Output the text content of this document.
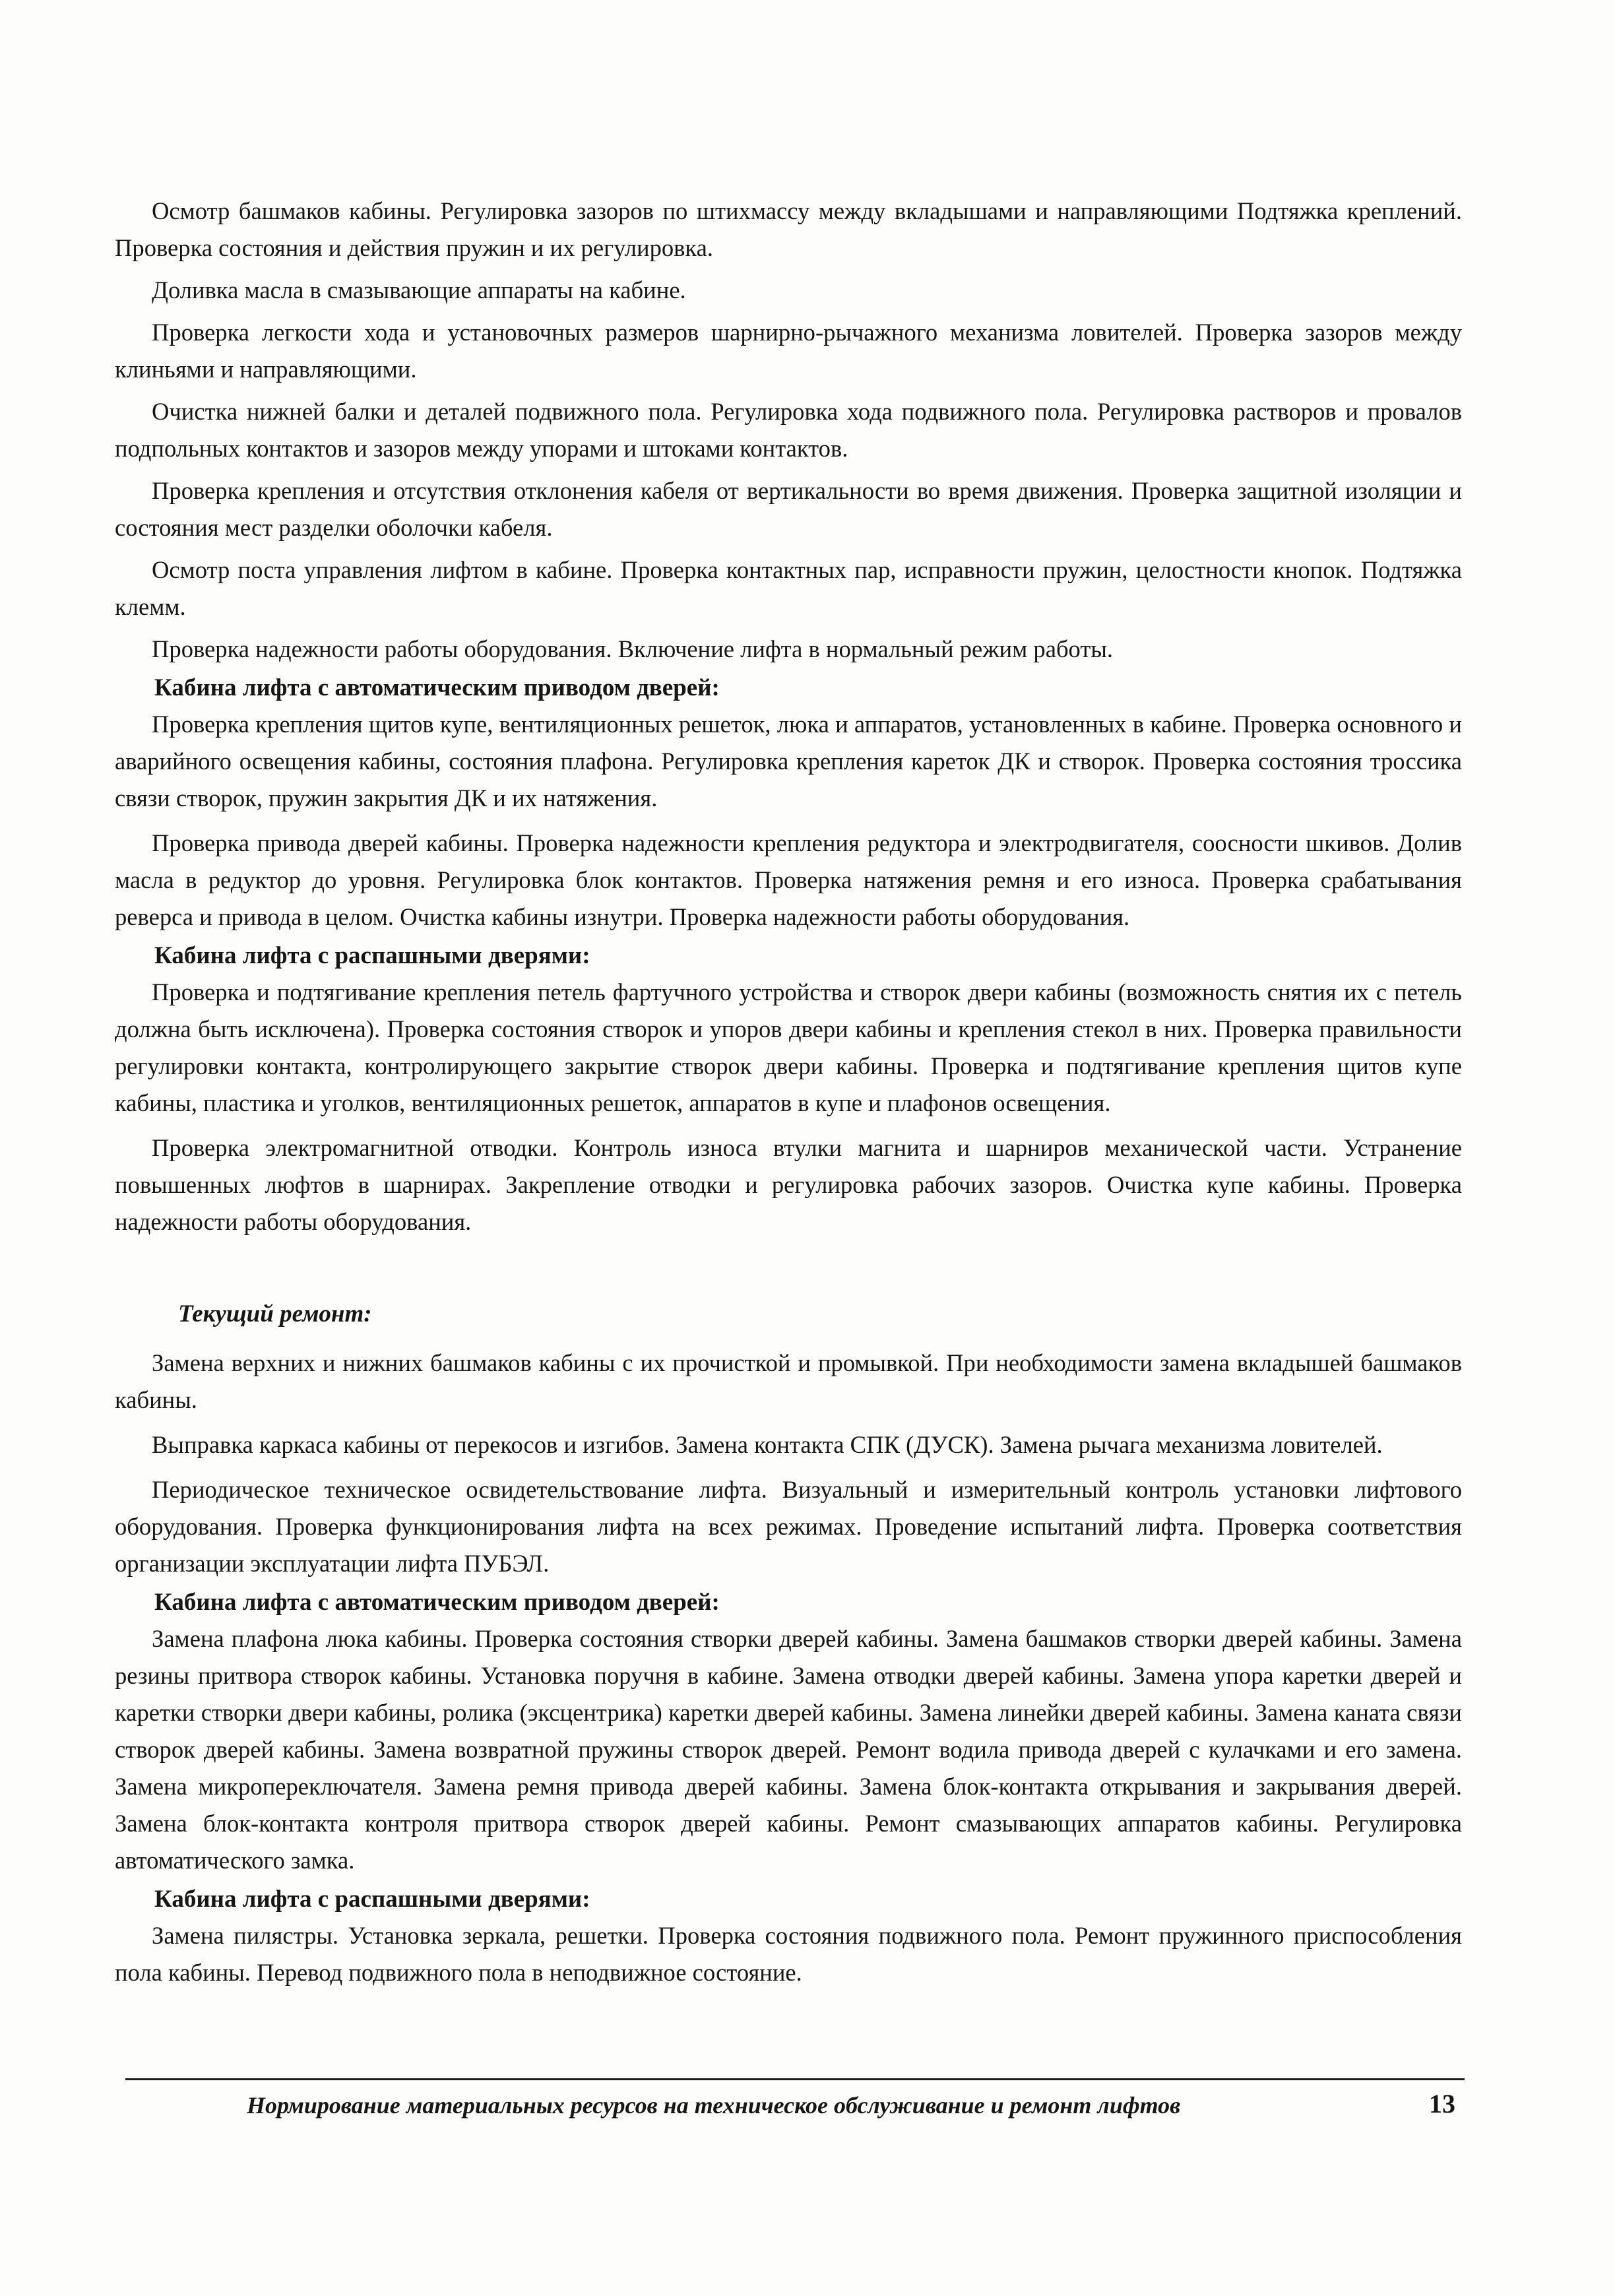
Осмотр башмаков кабины. Регулировка зазоров по штихмассу между вкладышами и направляющими Подтяжка креплений. Проверка состояния и действия пружин и их регулировка.

Доливка масла в смазывающие аппараты на кабине.

Проверка легкости хода и установочных размеров шарнирно-рычажного механизма ловителей. Проверка зазоров между клиньями и направляющими.

Очистка нижней балки и деталей подвижного пола. Регулировка хода подвижного пола. Регулировка растворов и провалов подпольных контактов и зазоров между упорами и штоками контактов.

Проверка крепления и отсутствия отклонения кабеля от вертикальности во время движения. Проверка защитной изоляции и состояния мест разделки оболочки кабеля.

Осмотр поста управления лифтом в кабине. Проверка контактных пар, исправности пружин, целостности кнопок. Подтяжка клемм.

Проверка надежности работы оборудования. Включение лифта в нормальный режим работы.

Кабина лифта с автоматическим приводом дверей:

Проверка крепления щитов купе, вентиляционных решеток, люка и аппаратов, установленных в кабине. Проверка основного и аварийного освещения кабины, состояния плафона. Регулировка крепления кареток ДК и створок. Проверка состояния троссика связи створок, пружин закрытия ДК и их натяжения.

Проверка привода дверей кабины. Проверка надежности крепления редуктора и электродвигателя, соосности шкивов. Долив масла в редуктор до уровня. Регулировка блок контактов. Проверка натяжения ремня и его износа. Проверка срабатывания реверса и привода в целом. Очистка кабины изнутри. Проверка надежности работы оборудования.

Кабина лифта с распашными дверями:

Проверка и подтягивание крепления петель фартучного устройства и створок двери кабины (возможность снятия их с петель должна быть исключена). Проверка состояния створок и упоров двери кабины и крепления стекол в них. Проверка правильности регулировки контакта, контролирующего закрытие створок двери кабины. Проверка и подтягивание крепления щитов купе кабины, пластика и уголков, вентиляционных решеток, аппаратов в купе и плафонов освещения.

Проверка электромагнитной отводки. Контроль износа втулки магнита и шарниров механической части. Устранение повышенных люфтов в шарнирах. Закрепление отводки и регулировка рабочих зазоров. Очистка купе кабины. Проверка надежности работы оборудования.

Текущий ремонт:

Замена верхних и нижних башмаков кабины с их прочисткой и промывкой. При необходимости замена вкладышей башмаков кабины.

Выправка каркаса кабины от перекосов и изгибов. Замена контакта СПК (ДУСК). Замена рычага механизма ловителей.

Периодическое техническое освидетельствование лифта. Визуальный и измерительный контроль установки лифтового оборудования. Проверка функционирования лифта на всех режимах. Проведение испытаний лифта. Проверка соответствия организации эксплуатации лифта ПУБЭЛ.

Кабина лифта с автоматическим приводом дверей:

Замена плафона люка кабины. Проверка состояния створки дверей кабины. Замена башмаков створки дверей кабины. Замена резины притвора створок кабины. Установка поручня в кабине. Замена отводки дверей кабины. Замена упора каретки дверей и каретки створки двери кабины, ролика (эксцентрика) каретки дверей кабины. Замена линейки дверей кабины. Замена каната связи створок дверей кабины. Замена возвратной пружины створок дверей. Ремонт водила привода дверей с кулачками и его замена. Замена микропереключателя. Замена ремня привода дверей кабины. Замена блок-контакта открывания и закрывания дверей. Замена блок-контакта контроля притвора створок дверей кабины. Ремонт смазывающих аппаратов кабины. Регулировка автоматического замка.

Кабина лифта с распашными дверями:

Замена пилястры. Установка зеркала, решетки. Проверка состояния подвижного пола. Ремонт пружинного приспособления пола кабины. Перевод подвижного пола в неподвижное состояние.

Нормирование материальных ресурсов на техническое обслуживание и ремонт лифтов	13
